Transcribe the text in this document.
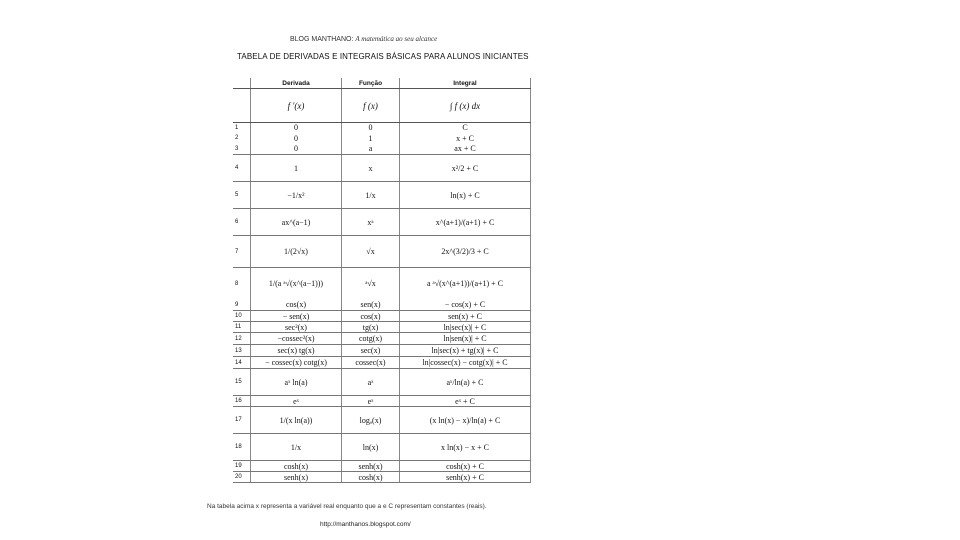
BLOG MANTHANO: A matemática ao seu alcance
TABELA DE DERIVADAS E INTEGRAIS BÁSICAS PARA ALUNOS INICIANTES
	Derivada	Função	Integral
	f ′(x)	f (x)	∫ f (x) dx
1	0	0	C
2	0	1	x + C
3	0	a	ax + C
4	1	x	x²/2 + C
5	−1/x²	1/x	ln(x) + C
6	ax^(a−1)	xᵃ	x^(a+1)/(a+1) + C
7	1/(2√x)	√x	2x^(3/2)/3 + C
8	1/(a ᵃ√(x^(a−1)))	ᵃ√x	a ᵃ√(x^(a+1))/(a+1) + C
9	cos(x)	sen(x)	− cos(x) + C
10	− sen(x)	cos(x)	sen(x) + C
11	sec²(x)	tg(x)	ln|sec(x)| + C
12	−cossec²(x)	cotg(x)	ln|sen(x)| + C
13	sec(x) tg(x)	sec(x)	ln|sec(x) + tg(x)| + C
14	− cossec(x) cotg(x)	cossec(x)	ln|cossec(x) − cotg(x)| + C
15	aˣ ln(a)	aˣ	aˣ/ln(a) + C
16	eˣ	eˣ	eˣ + C
17	1/(x ln(a))	logₐ(x)	(x ln(x) − x)/ln(a) + C
18	1/x	ln(x)	x ln(x) − x + C
19	cosh(x)	senh(x)	cosh(x) + C
20	senh(x)	cosh(x)	senh(x) + C
Na tabela acima x representa a variável real enquanto que a e C representam constantes (reais).
http://manthanos.blogspot.com/
